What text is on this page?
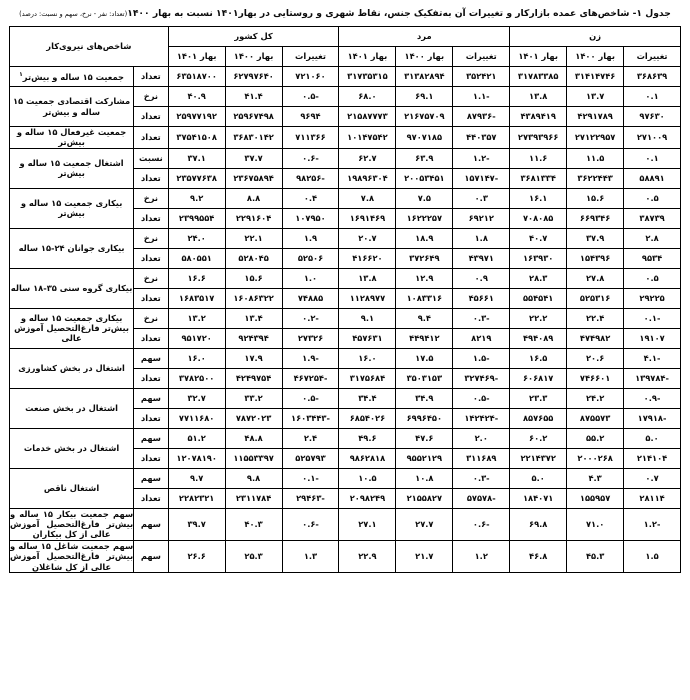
جدول ۱- شاخص‌های عمده بازارکار و تغییرات آن به‌تفکیک جنس، نقاط شهری و روستایی در بهار۱۴۰۱ نسبت به بهار ۱۴۰۰(تعداد: نفر - نرخ، سهم و نسبت: درصد)
زن			مرد			کل کشور			شاخص‌های نیروی‌کار	
تغییرات	بهار ۱۴۰۰	بهار ۱۴۰۱	تغییرات	بهار ۱۴۰۰	بهار ۱۴۰۱	تغییرات	بهار ۱۴۰۰	بهار ۱۴۰۱		
۳۶۸۶۳۹	۳۱۴۱۴۷۴۶	۳۱۷۸۳۳۸۵	۳۵۲۴۲۱	۳۱۳۸۲۸۹۴	۳۱۷۳۵۳۱۵	۷۲۱۰۶۰	۶۲۷۹۷۶۴۰	۶۳۵۱۸۷۰۰	تعداد	جمعیت ۱۵ ساله و بیش‌تر$^۱$
۰.۱	۱۳.۷	۱۳.۸	-۱.۱	۶۹.۱	۶۸.۰	-۰.۵	۴۱.۴	۴۰.۹	نرخ	مشارکت اقتصادی جمعیت ۱۵ ساله و بیش‌تر
۹۷۶۳۰	۴۲۹۱۷۸۹	۴۳۸۹۴۱۹	-۸۷۹۳۶	۲۱۶۷۵۷۰۹	۲۱۵۸۷۷۷۳	۹۶۹۴	۲۵۹۶۷۴۹۸	۲۵۹۷۷۱۹۲	تعداد	
۲۷۱۰۰۹	۲۷۱۲۲۹۵۷	۲۷۳۹۳۹۶۶	۴۴۰۳۵۷	۹۷۰۷۱۸۵	۱۰۱۴۷۵۴۲	۷۱۱۳۶۶	۳۶۸۳۰۱۴۲	۳۷۵۴۱۵۰۸	تعداد	جمعیت غیرفعال ۱۵ ساله و بیش‌تر
۰.۱	۱۱.۵	۱۱.۶	-۱.۲	۶۳.۹	۶۲.۷	-۰.۶	۳۷.۷	۳۷.۱	نسبت	اشتغال جمعیت ۱۵ ساله و بیش‌تر
۵۸۸۹۱	۳۶۲۲۴۴۳	۳۶۸۱۳۳۴	-۱۵۷۱۴۷	۲۰۰۵۳۴۵۱	۱۹۸۹۶۳۰۴	-۹۸۲۵۶	۲۳۶۷۵۸۹۴	۲۳۵۷۷۶۳۸	تعداد	
۰.۵	۱۵.۶	۱۶.۱	۰.۳	۷.۵	۷.۸	۰.۴	۸.۸	۹.۲	نرخ	بیکاری جمعیت ۱۵ ساله و بیش‌تر
۳۸۷۳۹	۶۶۹۳۴۶	۷۰۸۰۸۵	۶۹۲۱۲	۱۶۲۲۲۵۷	۱۶۹۱۴۶۹	۱۰۷۹۵۰	۲۲۹۱۶۰۴	۲۳۹۹۵۵۴	تعداد	
۲.۸	۳۷.۹	۴۰.۷	۱.۸	۱۸.۹	۲۰.۷	۱.۹	۲۲.۱	۲۴.۰	نرخ	بیکاری جوانان ۲۴-۱۵ ساله
۹۵۳۴	۱۵۴۳۹۶	۱۶۳۹۳۰	۴۳۹۷۱	۳۷۲۶۴۹	۴۱۶۶۲۰	۵۲۵۰۶	۵۲۸۰۴۵	۵۸۰۵۵۱	تعداد	
۰.۵	۲۷.۸	۲۸.۳	۰.۹	۱۲.۹	۱۳.۸	۱.۰	۱۵.۶	۱۶.۶	نرخ	بیکاری گروه سنی ۳۵-۱۸ ساله
۲۹۲۲۵	۵۲۵۳۱۶	۵۵۴۵۴۱	۴۵۶۶۱	۱۰۸۳۳۱۶	۱۱۲۸۹۷۷	۷۴۸۸۵	۱۶۰۸۶۳۲۲	۱۶۸۳۵۱۷	تعداد	
-۰.۱	۲۲.۴	۲۲.۲	-۰.۳	۹.۴	۹.۱	-۰.۲	۱۳.۴	۱۳.۲	نرخ	بیکاری جمعیت ۱۵ ساله و بیش‌تر فارغ‌التحصیل آموزش عالی
۱۹۱۰۷	۴۷۴۹۸۲	۴۹۴۰۸۹	۸۲۱۹	۴۴۹۴۱۲	۴۵۷۶۳۱	۲۷۳۲۶	۹۲۴۳۹۴	۹۵۱۷۲۰	تعداد	
-۴.۱	۲۰.۶	۱۶.۵	-۱.۵	۱۷.۵	۱۶.۰	-۱.۹	۱۷.۹	۱۶.۰	سهم	اشتغال در بخش کشاورزی
-۱۳۹۷۸۴	۷۴۶۶۰۱	۶۰۶۸۱۷	-۳۲۷۴۶۹	۳۵۰۳۱۵۳	۳۱۷۵۶۸۴	-۴۶۷۲۵۴	۴۲۴۹۷۵۴	۳۷۸۲۵۰۰	تعداد	
-۰.۹	۲۴.۲	۲۳.۳	-۰.۵	۳۴.۹	۳۴.۴	-۰.۵	۳۳.۲	۳۲.۷	سهم	اشتغال در بخش صنعت
-۱۷۹۱۸	۸۷۵۵۷۳	۸۵۷۶۵۵	-۱۴۲۴۲۴	۶۹۹۶۴۵۰	۶۸۵۴۰۲۶	-۱۶۰۳۴۴۳	۷۸۷۲۰۲۳	۷۷۱۱۶۸۰	تعداد	
۵.۰	۵۵.۲	۶۰.۲	۲.۰	۴۷.۶	۴۹.۶	۲.۴	۴۸.۸	۵۱.۲	سهم	اشتغال در بخش خدمات
۲۱۴۱۰۴	۲۰۰۰۲۶۸	۲۲۱۴۳۷۲	۳۱۱۶۸۹	۹۵۵۲۱۲۹	۹۸۶۲۸۱۸	۵۲۵۷۹۳	۱۱۵۵۳۳۹۷	۱۲۰۷۸۱۹۰	تعداد	
۰.۷	۴.۳	۵.۰	-۰.۳	۱۰.۸	۱۰.۵	-۰.۱	۹.۸	۹.۷	سهم	اشتغال ناقص
۲۸۱۱۴	۱۵۵۹۵۷	۱۸۴۰۷۱	-۵۷۵۷۸	۲۱۵۵۸۲۷	۲۰۹۸۲۴۹	-۲۹۴۶۳	۲۳۱۱۷۸۴	۲۲۸۲۳۲۱	تعداد	
-۱.۲	۷۱.۰	۶۹.۸	-۰.۶	۲۷.۷	۲۷.۱	-۰.۶	۴۰.۳	۳۹.۷	سهم	سهم جمعیت بیکار ۱۵ ساله و بیش‌تر فارغ‌التحصیل آموزش عالی از کل بیکاران
۱.۵	۴۵.۳	۴۶.۸	۱.۲	۲۱.۷	۲۲.۹	۱.۳	۲۵.۳	۲۶.۶	سهم	سهم جمعیت شاغل ۱۵ ساله و بیش‌تر فارغ‌التحصیل آموزش عالی از کل شاغلان
